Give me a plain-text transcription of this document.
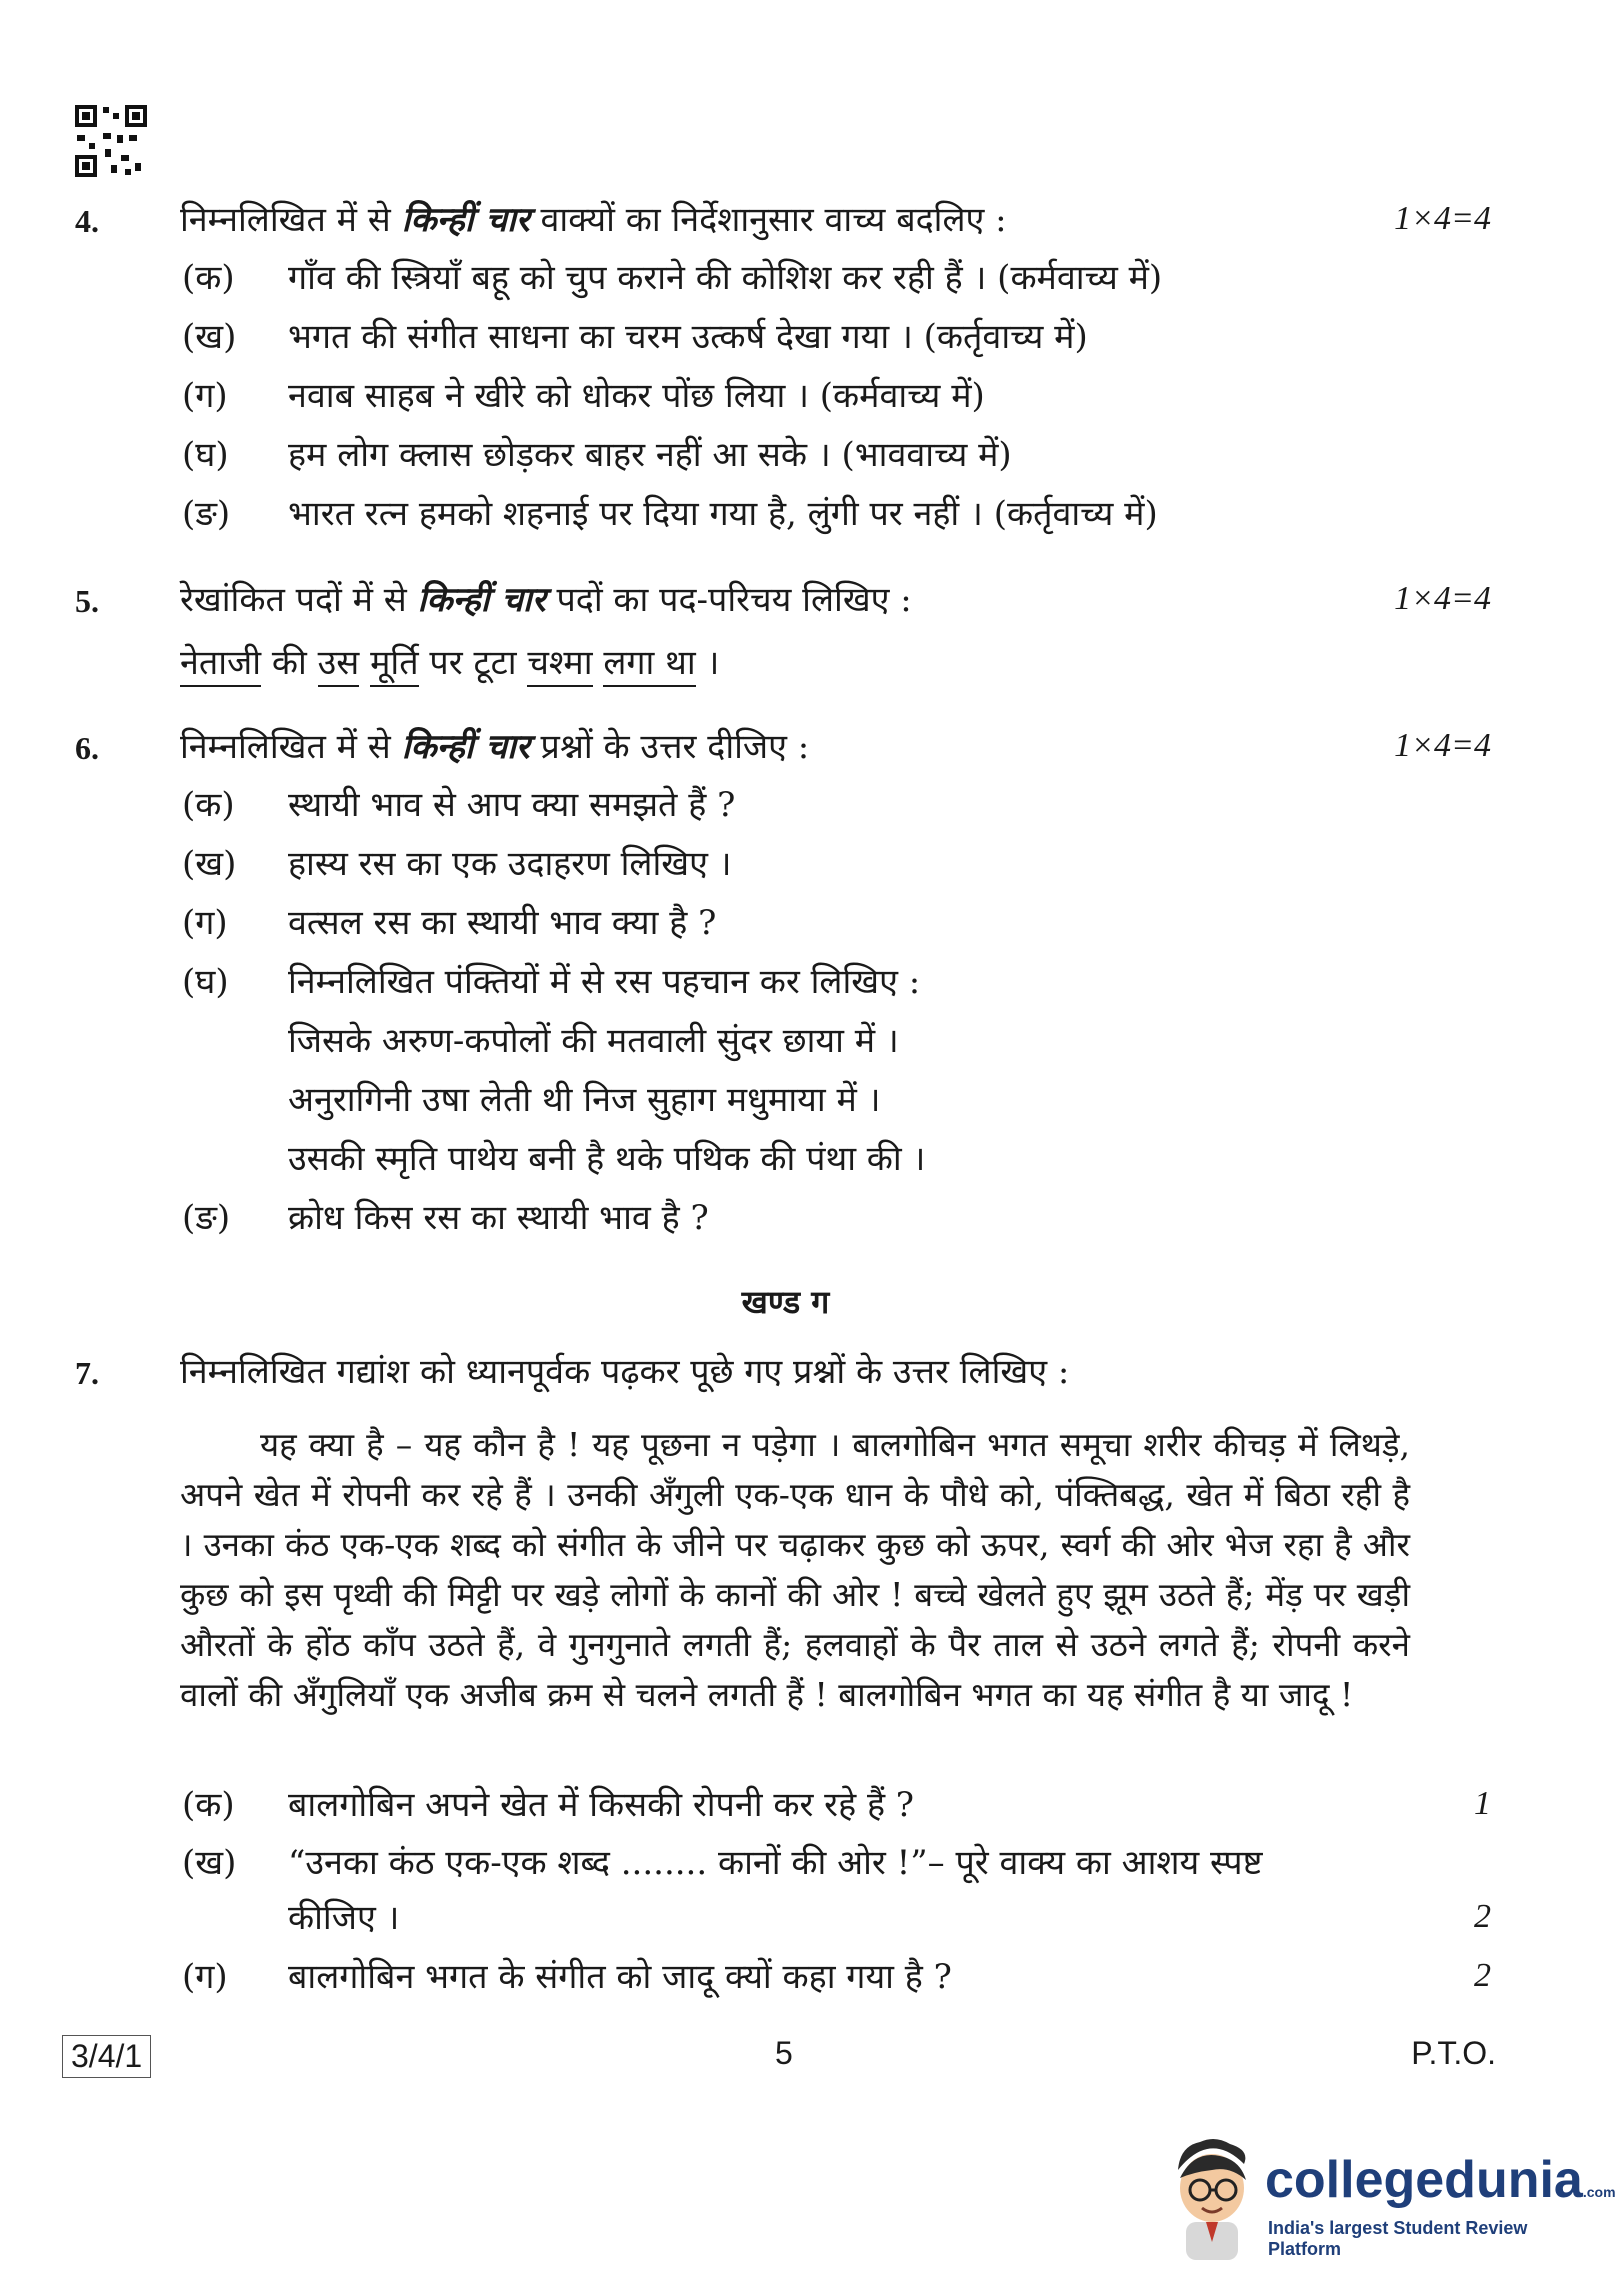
4. निम्नलिखित में से किन्हीं चार वाक्यों का निर्देशानुसार वाच्य बदलिए :	1×4=4
(क) गाँव की स्त्रियाँ बहू को चुप कराने की कोशिश कर रही हैं । (कर्मवाच्य में)
(ख) भगत की संगीत साधना का चरम उत्कर्ष देखा गया । (कर्तृवाच्य में)
(ग) नवाब साहब ने खीरे को धोकर पोंछ लिया । (कर्मवाच्य में)
(घ) हम लोग क्लास छोड़कर बाहर नहीं आ सके । (भाववाच्य में)
(ङ) भारत रत्न हमको शहनाई पर दिया गया है, लुंगी पर नहीं । (कर्तृवाच्य में)
5. रेखांकित पदों में से किन्हीं चार पदों का पद-परिचय लिखिए :	1×4=4
नेताजी की उस मूर्ति पर टूटा चश्मा लगा था ।
6. निम्नलिखित में से किन्हीं चार प्रश्नों के उत्तर दीजिए :	1×4=4
(क) स्थायी भाव से आप क्या समझते हैं ?
(ख) हास्य रस का एक उदाहरण लिखिए ।
(ग) वत्सल रस का स्थायी भाव क्या है ?
(घ) निम्नलिखित पंक्तियों में से रस पहचान कर लिखिए :
जिसके अरुण-कपोलों की मतवाली सुंदर छाया में ।
अनुरागिनी उषा लेती थी निज सुहाग मधुमाया में ।
उसकी स्मृति पाथेय बनी है थके पथिक की पंथा की ।
(ङ) क्रोध किस रस का स्थायी भाव है ?
खण्ड ग
7. निम्नलिखित गद्यांश को ध्यानपूर्वक पढ़कर पूछे गए प्रश्नों के उत्तर लिखिए :
यह क्या है – यह कौन है ! यह पूछना न पड़ेगा । बालगोबिन भगत समूचा शरीर कीचड़ में लिथड़े, अपने खेत में रोपनी कर रहे हैं । उनकी अँगुली एक-एक धान के पौधे को, पंक्तिबद्ध, खेत में बिठा रही है । उनका कंठ एक-एक शब्द को संगीत के जीने पर चढ़ाकर कुछ को ऊपर, स्वर्ग की ओर भेज रहा है और कुछ को इस पृथ्वी की मिट्टी पर खड़े लोगों के कानों की ओर ! बच्चे खेलते हुए झूम उठते हैं; मेंड़ पर खड़ी औरतों के होंठ काँप उठते हैं, वे गुनगुनाते लगती हैं; हलवाहों के पैर ताल से उठने लगते हैं; रोपनी करने वालों की अँगुलियाँ एक अजीब क्रम से चलने लगती हैं ! बालगोबिन भगत का यह संगीत है या जादू !
(क) बालगोबिन अपने खेत में किसकी रोपनी कर रहे हैं ?	1
(ख) “उनका कंठ एक-एक शब्द ........ कानों की ओर !”– पूरे वाक्य का आशय स्पष्ट
कीजिए ।	2
(ग) बालगोबिन भगत के संगीत को जादू क्यों कहा गया है ?	2
3/4/1	5	P.T.O.
collegedunia.com
India's largest Student Review Platform
